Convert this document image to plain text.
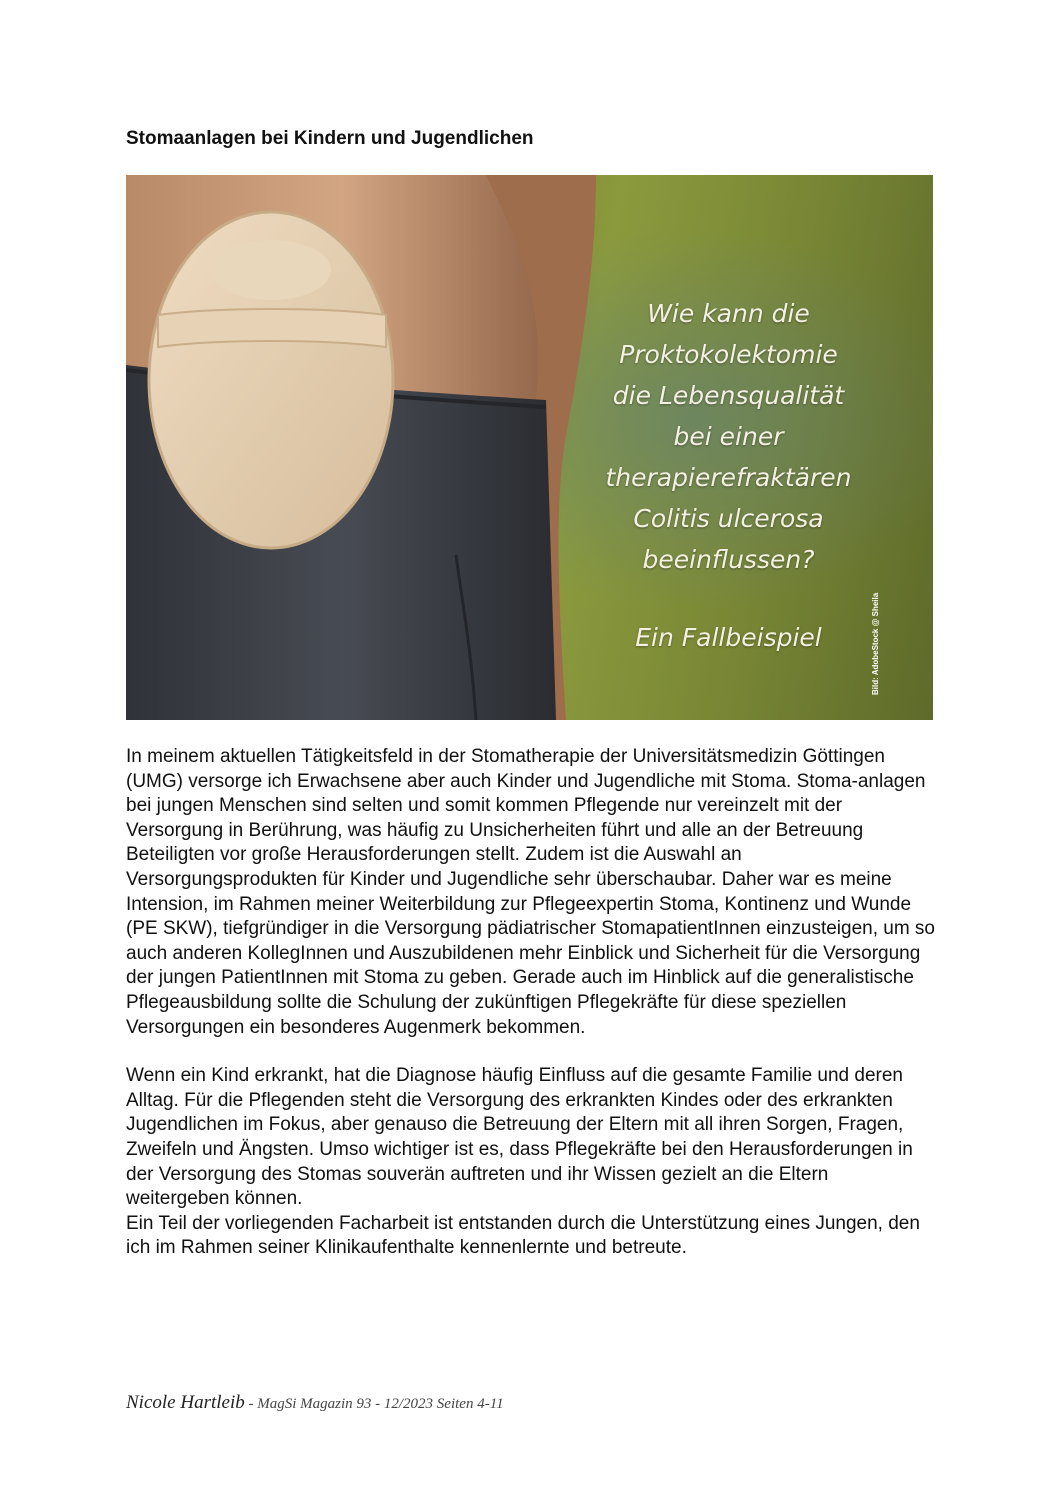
Stomaanlagen bei Kindern und Jugendlichen
Wie kann die
Proktokolektomie
die Lebensqualität
bei einer
therapierefraktären
Colitis ulcerosa
beeinflussen?
Ein Fallbeispiel	Bild: AdobeStock @ Sheila

In meinem aktuellen Tätigkeitsfeld in der Stomatherapie der Universitätsmedizin Göttingen (UMG) versorge ich Erwachsene aber auch Kinder und Jugendliche mit Stoma. Stoma-anlagen bei jungen Menschen sind selten und somit kommen Pflegende nur vereinzelt mit der Versorgung in Berührung, was häufig zu Unsicherheiten führt und alle an der Betreuung Beteiligten vor große Herausforderungen stellt. Zudem ist die Auswahl an Versorgungsprodukten für Kinder und Jugendliche sehr überschaubar. Daher war es meine Intension, im Rahmen meiner Weiterbildung zur Pflegeexpertin Stoma, Kontinenz und Wunde (PE SKW), tiefgründiger in die Versorgung pädiatrischer StomapatientInnen einzusteigen, um so auch anderen KollegInnen und Auszubildenen mehr Einblick und Sicherheit für die Versorgung der jungen PatientInnen mit Stoma zu geben. Gerade auch im Hinblick auf die generalistische Pflegeausbildung sollte die Schulung der zukünftigen Pflegekräfte für diese speziellen Versorgungen ein besonderes Augenmerk bekommen.

Wenn ein Kind erkrankt, hat die Diagnose häufig Einfluss auf die gesamte Familie und deren Alltag. Für die Pflegenden steht die Versorgung des erkrankten Kindes oder des erkrankten Jugendlichen im Fokus, aber genauso die Betreuung der Eltern mit all ihren Sorgen, Fragen, Zweifeln und Ängsten. Umso wichtiger ist es, dass Pflegekräfte bei den Herausforderungen in der Versorgung des Stomas souverän auftreten und ihr Wissen gezielt an die Eltern weitergeben können.

Ein Teil der vorliegenden Facharbeit ist entstanden durch die Unterstützung eines Jungen, den ich im Rahmen seiner Klinikaufenthalte kennenlernte und betreute.

Nicole Hartleib - MagSi Magazin 93 - 12/2023 Seiten 4-11
